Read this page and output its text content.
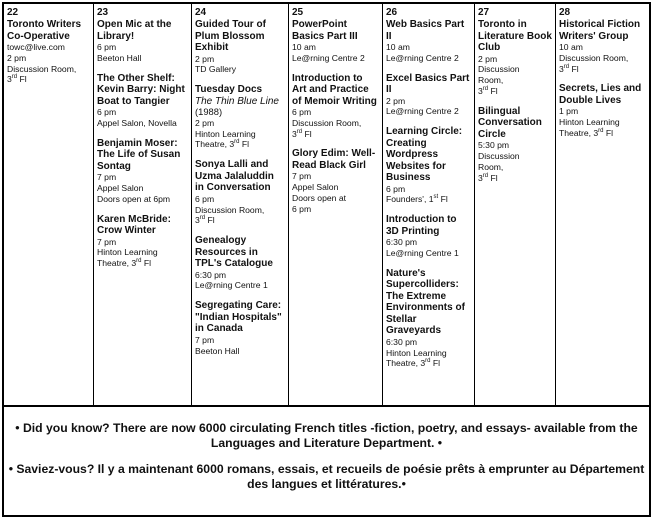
22
Toronto Writers Co-Operative
towc@live.com
2 pm
Discussion Room,
3rd Fl
23
Open Mic at the Library!
6 pm
Beeton Hall
The Other Shelf: Kevin Barry: Night Boat to Tangier
6 pm
Appel Salon, Novella
Benjamin Moser: The Life of Susan Sontag
7 pm
Appel Salon
Doors open at 6pm
Karen McBride: Crow Winter
7 pm
Hinton Learning
Theatre, 3rd Fl
24
Guided Tour of Plum Blossom Exhibit
2 pm
TD Gallery
Tuesday Docs
The Thin Blue Line
(1988)
2 pm
Hinton Learning
Theatre, 3rd Fl
Sonya Lalli and Uzma Jalaluddin in Conversation
6 pm
Discussion Room,
3rd Fl
Genealogy Resources in TPL's Catalogue
6:30 pm
Le@rning Centre 1
Segregating Care: "Indian Hospitals" in Canada
7 pm
Beeton Hall
25
PowerPoint Basics Part III
10 am
Le@rning Centre 2
Introduction to Art and Practice of Memoir Writing
6 pm
Discussion Room,
3rd Fl
Glory Edim: Well-Read Black Girl
7 pm
Appel Salon
Doors open at
6 pm
26
Web Basics Part II
10 am
Le@rning Centre 2
Excel Basics Part II
2 pm
Le@rning Centre 2
Learning Circle: Creating Wordpress Websites for Business
6 pm
Founders', 1st Fl
Introduction to 3D Printing
6:30 pm
Le@rning Centre 1
Nature's Supercolliders: The Extreme Environments of Stellar Graveyards
6:30 pm
Hinton Learning
Theatre, 3rd Fl
27
Toronto in Literature Book Club
2 pm
Discussion
Room,
3rd Fl
Bilingual Conversation Circle
5:30 pm
Discussion
Room,
3rd Fl
28
Historical Fiction Writers' Group
10 am
Discussion Room,
3rd Fl
Secrets, Lies and Double Lives
1 pm
Hinton Learning
Theatre, 3rd Fl
• Did you know? There are now 6000 circulating French titles -fiction, poetry, and essays- available from the Languages and Literature Department. •
• Saviez-vous? Il y a maintenant 6000 romans, essais, et recueils de poésie prêts à emprunter au Département des langues et littératures.•
